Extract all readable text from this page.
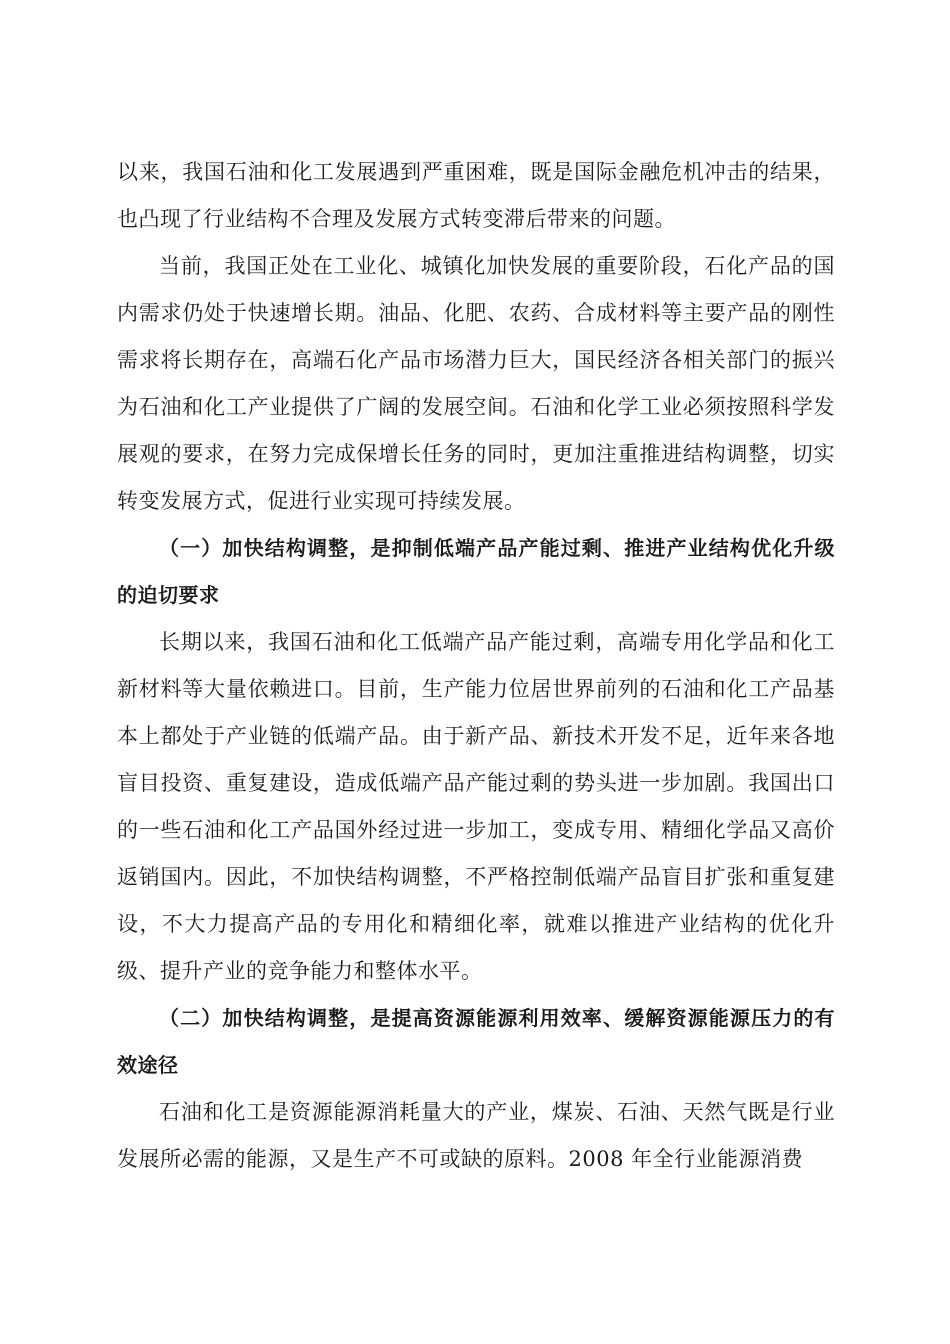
以来，我国石油和化工发展遇到严重困难，既是国际金融危机冲击的结果，也凸现了行业结构不合理及发展方式转变滞后带来的问题。

当前，我国正处在工业化、城镇化加快发展的重要阶段，石化产品的国内需求仍处于快速增长期。油品、化肥、农药、合成材料等主要产品的刚性需求将长期存在，高端石化产品市场潜力巨大，国民经济各相关部门的振兴为石油和化工产业提供了广阔的发展空间。石油和化学工业必须按照科学发展观的要求，在努力完成保增长任务的同时，更加注重推进结构调整，切实转变发展方式，促进行业实现可持续发展。

（一）加快结构调整，是抑制低端产品产能过剩、推进产业结构优化升级的迫切要求

长期以来，我国石油和化工低端产品产能过剩，高端专用化学品和化工新材料等大量依赖进口。目前，生产能力位居世界前列的石油和化工产品基本上都处于产业链的低端产品。由于新产品、新技术开发不足，近年来各地盲目投资、重复建设，造成低端产品产能过剩的势头进一步加剧。我国出口的一些石油和化工产品国外经过进一步加工，变成专用、精细化学品又高价返销国内。因此，不加快结构调整，不严格控制低端产品盲目扩张和重复建设，不大力提高产品的专用化和精细化率，就难以推进产业结构的优化升级、提升产业的竞争能力和整体水平。

（二）加快结构调整，是提高资源能源利用效率、缓解资源能源压力的有效途径

石油和化工是资源能源消耗量大的产业，煤炭、石油、天然气既是行业发展所必需的能源，又是生产不可或缺的原料。2008 年全行业能源消费
